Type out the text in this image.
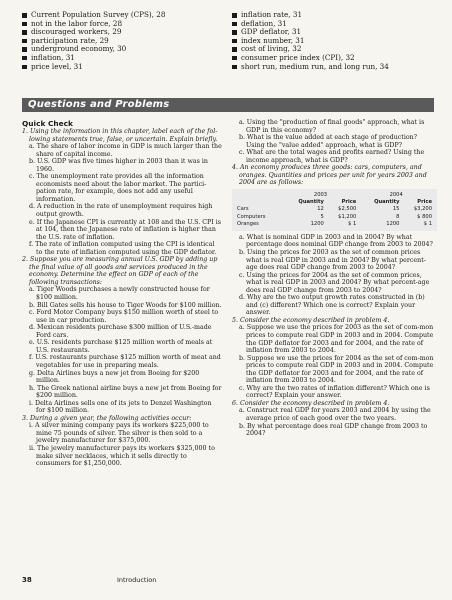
Current Population Survey (CPS), 28
not in the labor force, 28
discouraged workers, 29
participation rate, 29
underground economy, 30
inflation, 31
price level, 31
inflation rate, 31
deflation, 31
GDP deflator, 31
index number, 31
cost of living, 32
consumer price index (CPI), 32
short run, medium run, and long run, 34
Questions and Problems
Quick Check

1. Using the information in this chapter, label each of the fol-lowing statements true, false, or uncertain. Explain briefly.

a. The share of labor income in GDP is much larger than the share of capital income.

b. U.S. GDP was five times higher in 2003 than it was in 1960.

c. The unemployment rate provides all the information economists need about the labor market. The partici-pation rate, for example, does not add any useful information.

d. A reduction in the rate of unemployment requires high output growth.

e. If the Japanese CPI is currently at 108 and the U.S. CPI is at 104, then the Japanese rate of inflation is higher than the U.S. rate of inflation.

f. The rate of inflation computed using the CPI is identical to the rate of inflation computed using the GDP deflator.

2. Suppose you are measuring annual U.S. GDP by adding up the final value of all goods and services produced in the economy. Determine the effect on GDP of each of the following transactions:

a. Tiger Woods purchases a newly constructed house for $100 million.

b. Bill Gates sells his house to Tiger Woods for $100 million.

c. Ford Motor Company buys $150 million worth of steel to use in car production.

d. Mexican residents purchase $300 million of U.S.-made Ford cars.

e. U.S. residents purchase $125 million worth of meals at U.S. restaurants.

f. U.S. restaurants purchase $125 million worth of meat and vegetables for use in preparing meals.

g. Delta Airlines buys a new jet from Boeing for $200 million.

h. The Greek national airline buys a new jet from Boeing for $200 million.

i. Delta Airlines sells one of its jets to Denzel Washington for $100 million.

3. During a given year, the following activities occur:

i. A silver mining company pays its workers $225,000 to mine 75 pounds of silver. The silver is then sold to a jewelry manufacturer for $375,000.

ii. The jewelry manufacturer pays its workers $325,000 to make silver necklaces, which it sells directly to consumers for $1,250,000.

a. Using the "production of final goods" approach, what is GDP in this economy?

b. What is the value added at each stage of production? Using the "value added" approach, what is GDP?

c. What are the total wages and profits earned? Using the income approach, what is GDP?

4. An economy produces three goods: cars, computers, and oranges. Quantities and prices per unit for years 2003 and 2004 are as follows:

	2003		2004	
	Quantity	Price	Quantity	Price
Cars	12	$2,500	15	$3,200
Computers	5	$1,200	8	$ 800
Oranges	1200	$ 1	1200	$ 1

a. What is nominal GDP in 2003 and in 2004? By what percentage does nominal GDP change from 2003 to 2004?

b. Using the prices for 2003 as the set of common prices what is real GDP in 2003 and in 2004? By what percent-age does real GDP change from 2003 to 2004?

c. Using the prices for 2004 as the set of common prices, what is real GDP in 2003 and 2004? By what percent-age does real GDP change from 2003 to 2004?

d. Why are the two output growth rates constructed in (b) and (c) different? Which one is correct? Explain your answer.

5. Consider the economy described in problem 4.

a. Suppose we use the prices for 2003 as the set of com-mon prices to compute real GDP in 2003 and in 2004. Compute the GDP deflator for 2003 and for 2004, and the rate of inflation from 2003 to 2004.

b. Suppose we use the prices for 2004 as the set of com-mon prices to compute real GDP in 2003 and in 2004. Compute the GDP deflator for 2003 and for 2004, and the rate of inflation from 2003 to 2004.

c. Why are the two rates of inflation different? Which one is correct? Explain your answer.

6. Consider the economy described in problem 4.

a. Construct real GDP for years 2003 and 2004 by using the average price of each good over the two years.

b. By what percentage does real GDP change from 2003 to 2004?

38	Introduction
